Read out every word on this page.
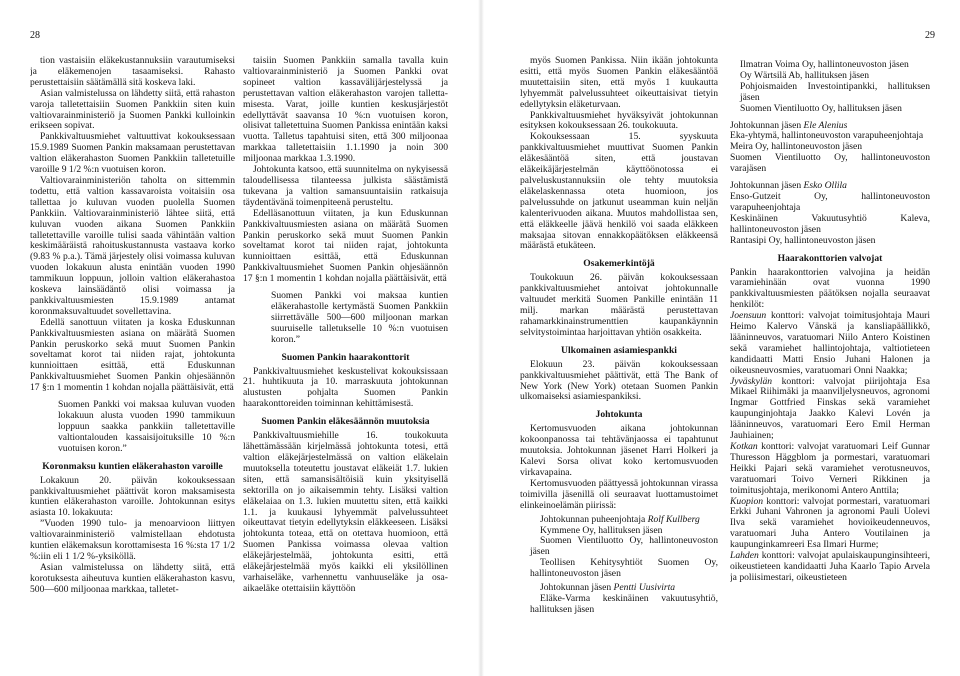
28	29

tion vastaisiin eläkekustannuksiin varautumiseksi ja eläkemenojen tasaamiseksi. Rahasto perustettaisiin säätämällä sitä koskeva laki.

Asian valmistelussa on lähdetty siitä, että rahaston varoja talletettaisiin Suomen Pankkiin siten kuin valtiovarainministeriö ja Suomen Pankki kulloinkin erikseen sopivat.

Pankkivaltuusmiehet valtuuttivat kokouksessaan 15.9.1989 Suomen Pankin maksamaan perustettavan valtion eläkerahaston Suomen Pankkiin talletetuille varoille 9 1/2 %:n vuotuisen koron.

Valtiovarainministeriön taholta on sittemmin todettu, että valtion kassavaroista voitaisiin osa tallettaa jo kuluvan vuoden puolella Suomen Pankkiin. Valtiovarainministeriö lähtee siitä, että kuluvan vuoden aikana Suomen Pankkiin talletettaville varoille tulisi saada vähintään valtion keskimääräistä rahoituskustannusta vastaava korko (9.83 % p.a.). Tämä järjestely olisi voimassa kuluvan vuoden lokakuun alusta enintään vuoden 1990 tammikuun loppuun, jolloin valtion eläkerahastoa koskeva lainsäädäntö olisi voimassa ja pankkivaltuusmiesten 15.9.1989 antamat koronmaksuvaltuudet sovellettavina.

Edellä sanottuun viitaten ja koska Eduskunnan Pankkivaltuusmiesten asiana on määrätä Suomen Pankin peruskorko sekä muut Suomen Pankin soveltamat korot tai niiden rajat, johtokunta kunnioittaen esittää, että Eduskunnan Pankkivaltuusmiehet Suomen Pankin ohjesäännön 17 §:n 1 momentin 1 kohdan nojalla päättäisivät, että

Suomen Pankki voi maksaa kuluvan vuoden lokakuun alusta vuoden 1990 tammikuun loppuun saakka pankkiin talletettaville valtiontalouden kassaisijoituksille 10 %:n vuotuisen koron.”

Koronmaksu kuntien eläkerahaston varoille

Lokakuun 20. päivän kokouksessaan pankkivaltuusmiehet päättivät koron maksamisesta kuntien eläkerahaston varoille. Johtokunnan esitys asiasta 10. lokakuuta:

”Vuoden 1990 tulo- ja menoarvioon liittyen valtiovarainministeriö valmistellaan ehdotusta kuntien eläkemaksun korottamisesta 16 %:sta 17 1/2 %:iin eli 1 1/2 %-yksiköllä.

Asian valmistelussa on lähdetty siitä, että korotuksesta aiheutuva kuntien eläkerahaston kasvu, 500—600 miljoonaa markkaa, talletet-

taisiin Suomen Pankkiin samalla tavalla kuin valtiovarainministeriö ja Suomen Pankki ovat sopineet valtion kassavälijärjestelyssä ja perustettavan valtion eläkerahaston varojen talletta-misesta. Varat, joille kuntien keskusjärjestöt edellyttävät saavansa 10 %:n vuotuisen koron, olisivat talletettuina Suomen Pankissa enintään kaksi vuotta. Talletus tapahtuisi siten, että 300 miljoonaa markkaa talletettaisiin 1.1.1990 ja noin 300 miljoonaa markkaa 1.3.1990.

Johtokunta katsoo, että suunnitelma on nykyisessä taloudellisessa tilanteessa julkista säästämistä tukevana ja valtion samansuuntaisiin ratkaisuja täydentävänä toimenpiteenä perusteltu.

Edelläsanottuun viitaten, ja kun Eduskunnan Pankkivaltuusmiesten asiana on määrätä Suomen Pankin peruskorko sekä muut Suomen Pankin soveltamat korot tai niiden rajat, johtokunta kunnioittaen esittää, että Eduskunnan Pankkivaltuusmiehet Suomen Pankin ohjesäännön 17 §:n 1 momentin 1 kohdan nojalla päättäisivät, että

Suomen Pankki voi maksaa kuntien eläkerahastolle kertymästä Suomen Pankkiin siirrettävälle 500—600 miljoonan markan suuruiselle talletukselle 10 %:n vuotuisen koron.”

Suomen Pankin haarakonttorit

Pankkivaltuusmiehet keskustelivat kokouksissaan 21. huhtikuuta ja 10. marraskuuta johtokunnan alustusten pohjalta Suomen Pankin haarakonttoreiden toiminnan kehittämisestä.

Suomen Pankin eläkesäännön muutoksia

Pankkivaltuusmiehille 16. toukokuuta lähettämässään kirjelmässä johtokunta totesi, että valtion eläkejärjestelmässä on valtion eläkelain muutoksella toteutettu joustavat eläkeiät 1.7. lukien siten, että samansisältöisiä kuin yksityisellä sektorilla on jo aikaisemmin tehty. Lisäksi valtion eläkelaiaa on 1.3. lukien muutettu siten, että kaikki 1.1. ja kuukausi lyhyemmät palvelussuhteet oikeuttavat tietyin edellytyksin eläkkeeseen. Lisäksi johtokunta toteaa, että on otettava huomioon, että Suomen Pankissa voimassa olevaa valtion eläkejärjestelmää, johtokunta esitti, että eläkejärjestelmää myös kaikki eli yksilöllinen varhaiseläke, varhennettu vanhuuseläke ja osa-aikaeläke otettaisiin käyttöön

myös Suomen Pankissa. Niin ikään johtokunta esitti, että myös Suomen Pankin eläkesääntöä muutettaisiin siten, että myös 1 kuukautta lyhyemmät palvelussuhteet oikeuttaisivat tietyin edellytyksin eläketurvaan.

Pankkivaltuusmiehet hyväksyivät johtokunnan esityksen kokouksessaan 26. toukokuuta.

Kokouksessaan 15. syyskuuta pankkivaltuusmiehet muuttivat Suomen Pankin eläkesääntöä siten, että joustavan eläkeikäjärjestelmän käyttöönotossa ei palveluskustannuksiin ole tehty muutoksia eläkelaskennassa oteta huomioon, jos palvelussuhde on jatkunut useamman kuin neljän kalenterivuoden aikana. Muutos mahdollistaa sen, että eläkkeelle jäävä henkilö voi saada eläkkeen maksajaa sitovan ennakkopäätöksen eläkkeensä määrästä etukäteen.

Osakemerkintöjä

Toukokuun 26. päivän kokouksessaan pankkivaltuusmiehet antoivat johtokunnalle valtuudet merkitä Suomen Pankille enintään 11 milj. markan määrästä perustettavan rahamarkkinainstrumenttien kaupankäynnin selvitystoimintaa harjoittavan yhtiön osakkeita.

Ulkomainen asiamiespankki

Elokuun 23. päivän kokouksessaan pankkivaltuusmiehet päättivät, että The Bank of New York (New York) otetaan Suomen Pankin ulkomaiseksi asiamiespankiksi.

Johtokunta

Kertomusvuoden aikana johtokunnan kokoonpanossa tai tehtävänjaossa ei tapahtunut muutoksia. Johtokunnan jäsenet Harri Holkeri ja Kalevi Sorsa olivat koko kertomusvuoden virkavapaina.

Kertomusvuoden päättyessä johtokunnan virassa toimivilla jäsenillä oli seuraavat luottamustoimet elinkeinoelämän piirissä:

Johtokunnan puheenjohtaja Rolf Kullberg

Kymmene Oy, hallituksen jäsen

Suomen Vientiluotto Oy, hallintoneuvoston jäsen

Teollisen Kehitysyhtiöt Suomen Oy, hallintoneuvoston jäsen

Johtokunnan jäsen Pentti Uusivirta

Eläke-Varma keskinäinen vakuutusyhtiö, hallituksen jäsen

Ilmatran Voima Oy, hallintoneuvoston jäsen

Oy Wärtsilä Ab, hallituksen jäsen

Pohjoismaiden Investointipankki, hallituksen jäsen

Suomen Vientiluotto Oy, hallituksen jäsen

Johtokunnan jäsen Ele Alenius

Eka-yhtymä, hallintoneuvoston varapuheenjohtaja

Meira Oy, hallintoneuvoston jäsen

Suomen Vientiluotto Oy, hallintoneuvoston varajäsen

Johtokunnan jäsen Esko Ollila

Enso-Gutzeit Oy, hallintoneuvoston varapuheenjohtaja

Keskinäinen Vakuutusyhtiö Kaleva, hallintoneuvoston jäsen

Rantasipi Oy, hallintoneuvoston jäsen

Haarakonttorien valvojat

Pankin haarakonttorien valvojina ja heidän varamiehinään ovat vuonna 1990 pankkivaltuusmiesten päätöksen nojalla seuraavat henkilöt:

Joensuun konttori: valvojat toimitusjohtaja Mauri Heimo Kalervo Vänskä ja kansliapäällikkö, lääninneuvos, varatuomari Niilo Antero Koistinen sekä varamiehet hallintojohtaja, valtiotieteen kandidaatti Matti Ensio Juhani Halonen ja oikeusneuvosmies, varatuomari Onni Naakka;

Jyväskylän konttori: valvojat piirijohtaja Esa Mikael Riihimäki ja maanviljelysneuvos, agronomi Ingmar Gottfried Finskas sekä varamiehet kaupunginjohtaja Jaakko Kalevi Lovén ja lääninneuvos, varatuomari Eero Emil Herman Jauhiainen;

Kotkan konttori: valvojat varatuomari Leif Gunnar Thuresson Häggblom ja pormestari, varatuomari Heikki Pajari sekä varamiehet verotusneuvos, varatuomari Toivo Verneri Rikkinen ja toimitusjohtaja, merikonomi Antero Anttila;

Kuopion konttori: valvojat pormestari, varatuomari Erkki Juhani Vahronen ja agronomi Pauli Uolevi Ilva sekä varamiehet hovioikeudenneuvos, varatuomari Juha Antero Voutilainen ja kaupunginkamreeri Esa Ilmari Hurme;

Lahden konttori: valvojat apulaiskaupunginsihteeri, oikeustieteen kandidaatti Juha Kaarlo Tapio Arvela ja poliisimestari, oikeustieteen
